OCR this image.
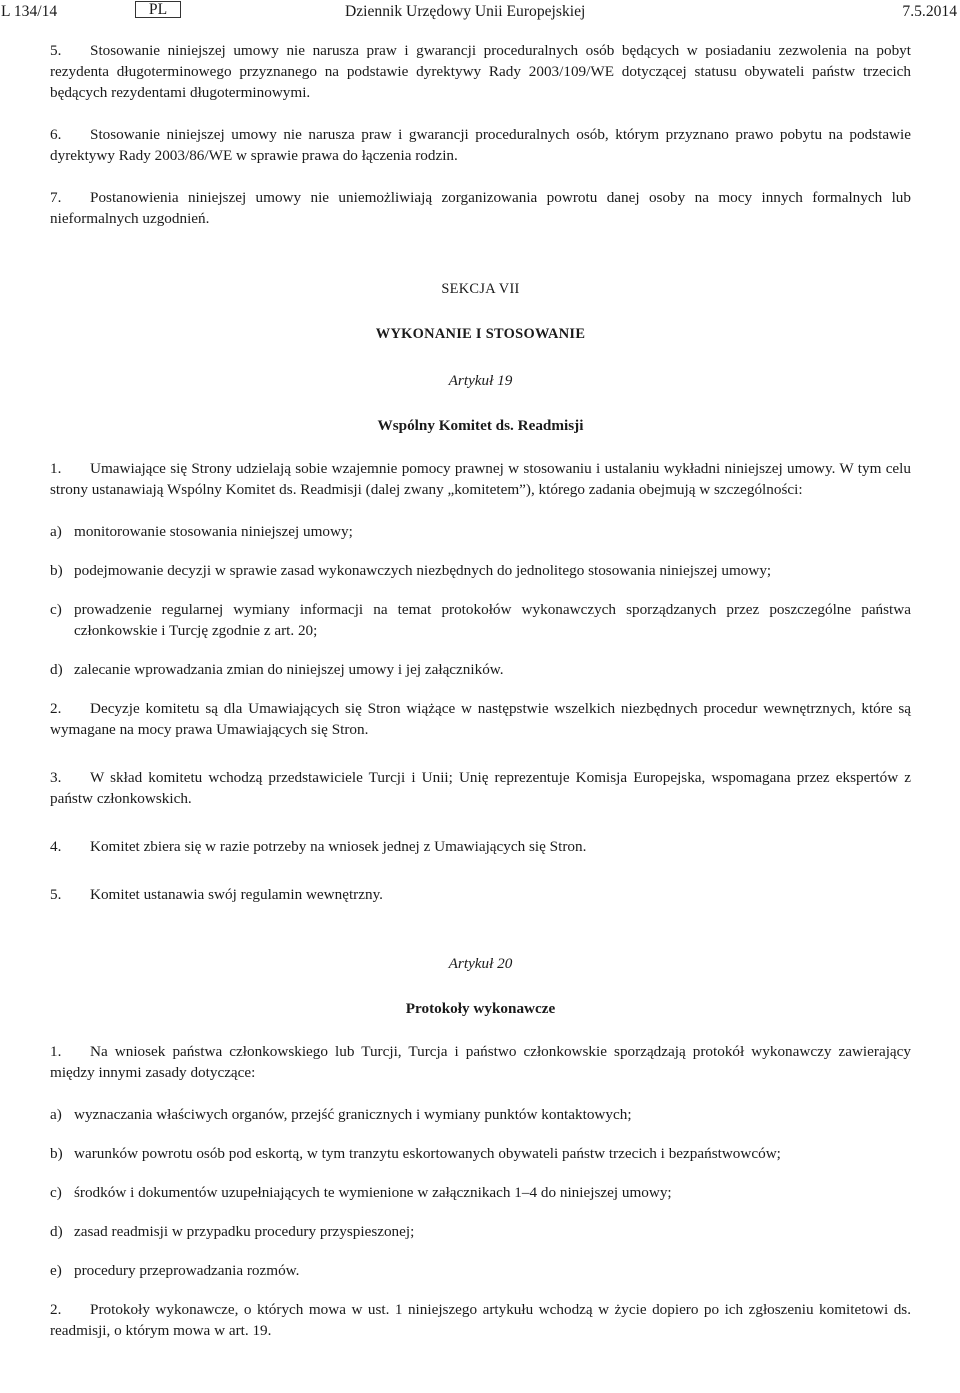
L 134/14	PL	Dziennik Urzędowy Unii Europejskiej	7.5.2014

5. Stosowanie niniejszej umowy nie narusza praw i gwarancji proceduralnych osób będących w posiadaniu zezwolenia na pobyt rezydenta długoterminowego przyznanego na podstawie dyrektywy Rady 2003/109/WE dotyczącej statusu obywateli państw trzecich będących rezydentami długoterminowymi.

6. Stosowanie niniejszej umowy nie narusza praw i gwarancji proceduralnych osób, którym przyznano prawo pobytu na podstawie dyrektywy Rady 2003/86/WE w sprawie prawa do łączenia rodzin.

7. Postanowienia niniejszej umowy nie uniemożliwiają zorganizowania powrotu danej osoby na mocy innych formalnych lub nieformalnych uzgodnień.

SEKCJA VII

WYKONANIE I STOSOWANIE

Artykuł 19

Wspólny Komitet ds. Readmisji

1. Umawiające się Strony udzielają sobie wzajemnie pomocy prawnej w stosowaniu i ustalaniu wykładni niniejszej umowy. W tym celu strony ustanawiają Wspólny Komitet ds. Readmisji (dalej zwany „komitetem”), którego zadania obejmują w szczególności:

a) monitorowanie stosowania niniejszej umowy;
b) podejmowanie decyzji w sprawie zasad wykonawczych niezbędnych do jednolitego stosowania niniejszej umowy;
c) prowadzenie regularnej wymiany informacji na temat protokołów wykonawczych sporządzanych przez poszczególne państwa członkowskie i Turcję zgodnie z art. 20;
d) zalecanie wprowadzania zmian do niniejszej umowy i jej załączników.

2. Decyzje komitetu są dla Umawiających się Stron wiążące w następstwie wszelkich niezbędnych procedur wewnętrznych, które są wymagane na mocy prawa Umawiających się Stron.

3. W skład komitetu wchodzą przedstawiciele Turcji i Unii; Unię reprezentuje Komisja Europejska, wspomagana przez ekspertów z państw członkowskich.

4. Komitet zbiera się w razie potrzeby na wniosek jednej z Umawiających się Stron.

5. Komitet ustanawia swój regulamin wewnętrzny.

Artykuł 20

Protokoły wykonawcze

1. Na wniosek państwa członkowskiego lub Turcji, Turcja i państwo członkowskie sporządzają protokół wykonawczy zawierający między innymi zasady dotyczące:

a) wyznaczania właściwych organów, przejść granicznych i wymiany punktów kontaktowych;
b) warunków powrotu osób pod eskortą, w tym tranzytu eskortowanych obywateli państw trzecich i bezpaństwowców;
c) środków i dokumentów uzupełniających te wymienione w załącznikach 1–4 do niniejszej umowy;
d) zasad readmisji w przypadku procedury przyspieszonej;
e) procedury przeprowadzania rozmów.

2. Protokoły wykonawcze, o których mowa w ust. 1 niniejszego artykułu wchodzą w życie dopiero po ich zgłoszeniu komitetowi ds. readmisji, o którym mowa w art. 19.
